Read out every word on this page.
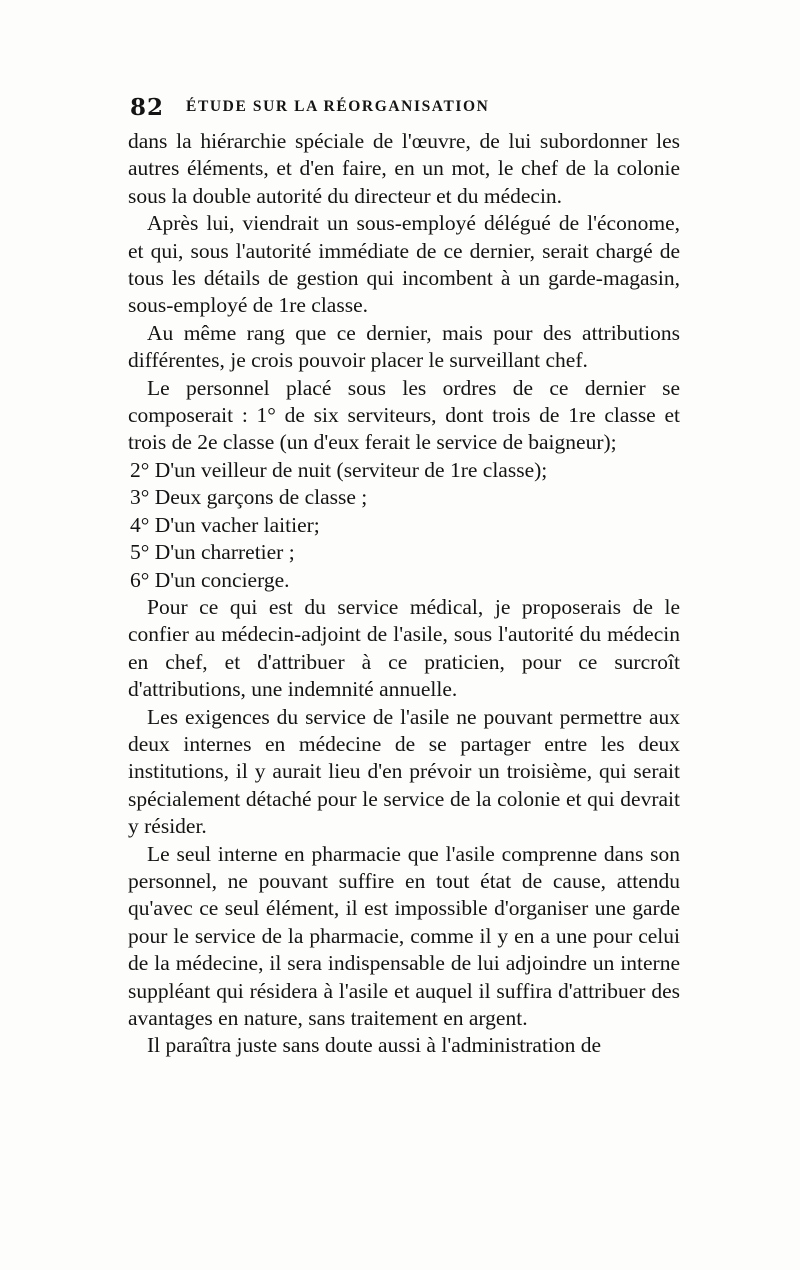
82 ÉTUDE SUR LA RÉORGANISATION

dans la hiérarchie spéciale de l'œuvre, de lui subordonner les autres éléments, et d'en faire, en un mot, le chef de la colonie sous la double autorité du directeur et du médecin.

Après lui, viendrait un sous-employé délégué de l'économe, et qui, sous l'autorité immédiate de ce dernier, serait chargé de tous les détails de gestion qui incombent à un garde-magasin, sous-employé de 1re classe.

Au même rang que ce dernier, mais pour des attributions différentes, je crois pouvoir placer le surveillant chef.

Le personnel placé sous les ordres de ce dernier se composerait : 1° de six serviteurs, dont trois de 1re classe et trois de 2e classe (un d'eux ferait le service de baigneur);

2° D'un veilleur de nuit (serviteur de 1re classe);

3° Deux garçons de classe ;

4° D'un vacher laitier;

5° D'un charretier ;

6° D'un concierge.

Pour ce qui est du service médical, je proposerais de le confier au médecin-adjoint de l'asile, sous l'autorité du médecin en chef, et d'attribuer à ce praticien, pour ce surcroît d'attributions, une indemnité annuelle.

Les exigences du service de l'asile ne pouvant permettre aux deux internes en médecine de se partager entre les deux institutions, il y aurait lieu d'en prévoir un troisième, qui serait spécialement détaché pour le service de la colonie et qui devrait y résider.

Le seul interne en pharmacie que l'asile comprenne dans son personnel, ne pouvant suffire en tout état de cause, attendu qu'avec ce seul élément, il est impossible d'organiser une garde pour le service de la pharmacie, comme il y en a une pour celui de la médecine, il sera indispensable de lui adjoindre un interne suppléant qui résidera à l'asile et auquel il suffira d'attribuer des avantages en nature, sans traitement en argent.

Il paraîtra juste sans doute aussi à l'administration de
